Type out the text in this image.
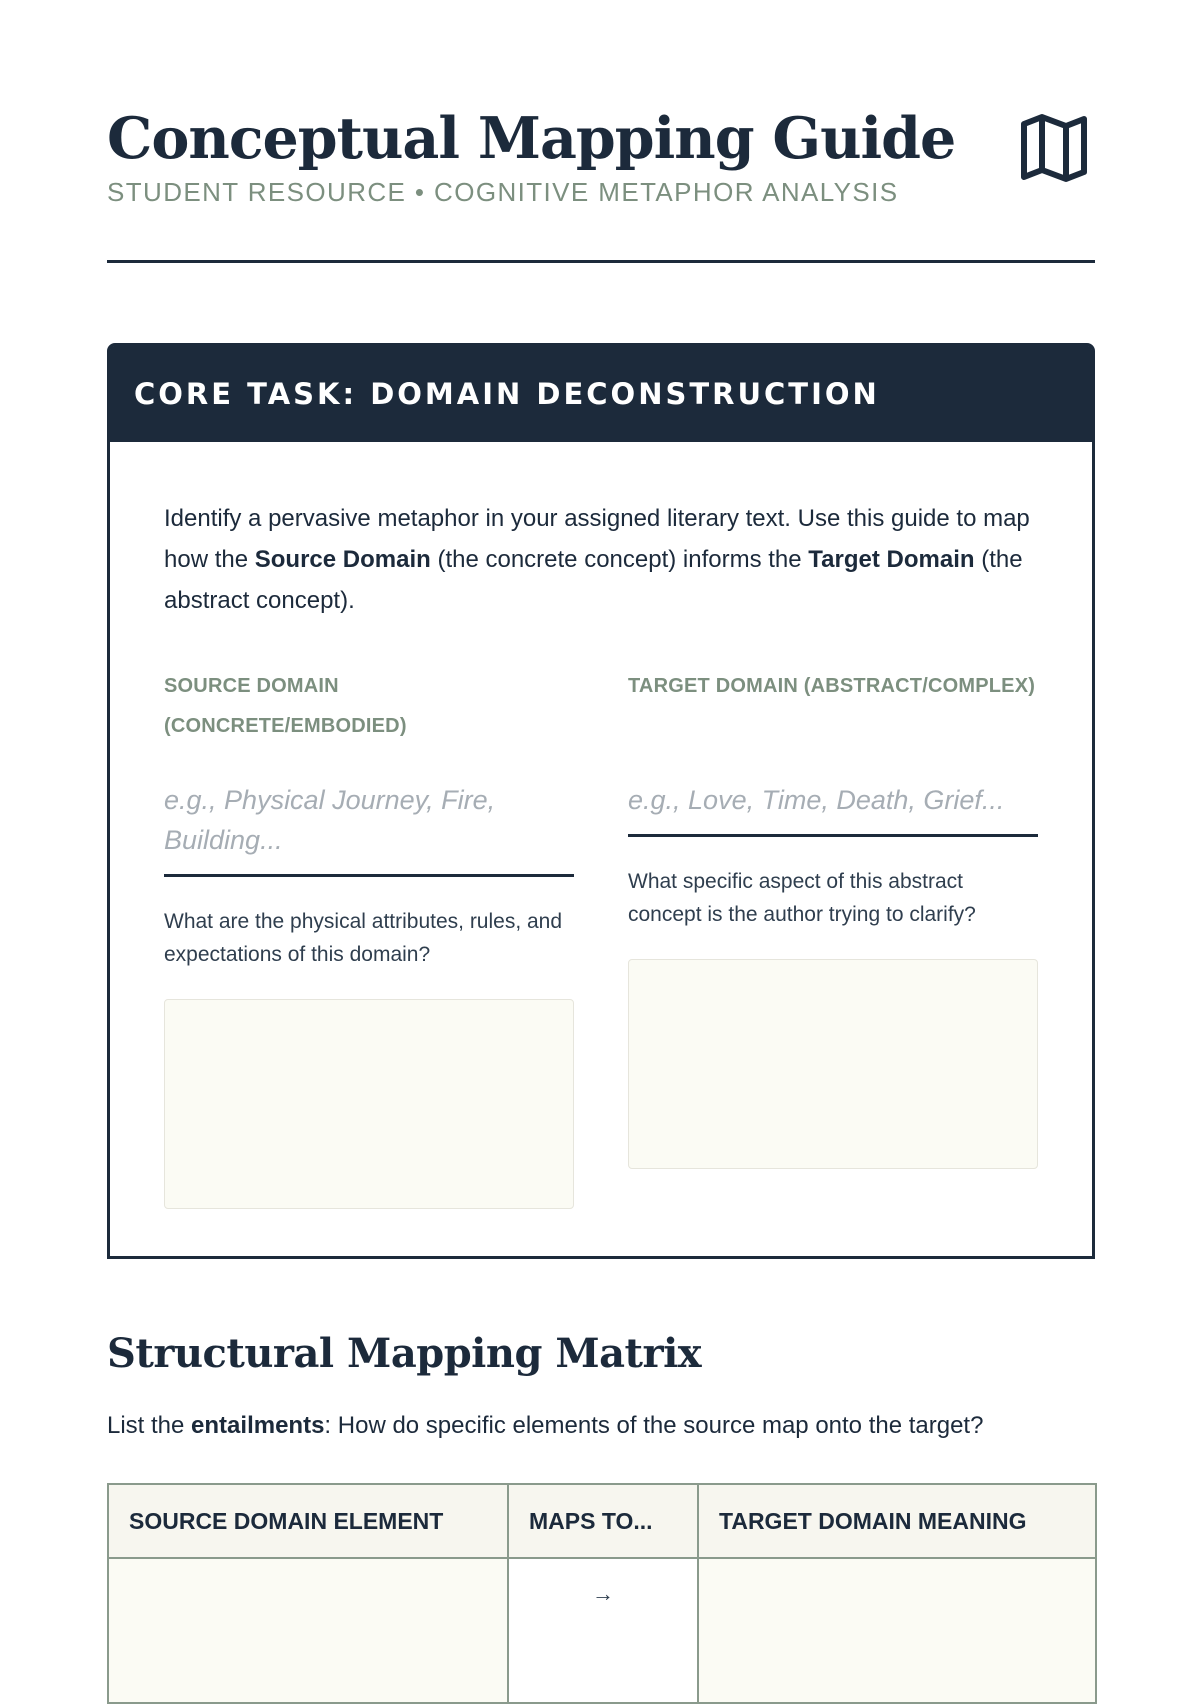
Conceptual Mapping Guide
STUDENT RESOURCE • COGNITIVE METAPHOR ANALYSIS
CORE TASK: DOMAIN DECONSTRUCTION
Identify a pervasive metaphor in your assigned literary text. Use this guide to map how the Source Domain (the concrete concept) informs the Target Domain (the abstract concept).
SOURCE DOMAIN (CONCRETE/EMBODIED)
e.g., Physical Journey, Fire, Building...
What are the physical attributes, rules, and expectations of this domain?
TARGET DOMAIN (ABSTRACT/COMPLEX)
e.g., Love, Time, Death, Grief...
What specific aspect of this abstract concept is the author trying to clarify?
Structural Mapping Matrix
List the entailments: How do specific elements of the source map onto the target?
SOURCE DOMAIN ELEMENT	MAPS TO...	TARGET DOMAIN MEANING
	→	
